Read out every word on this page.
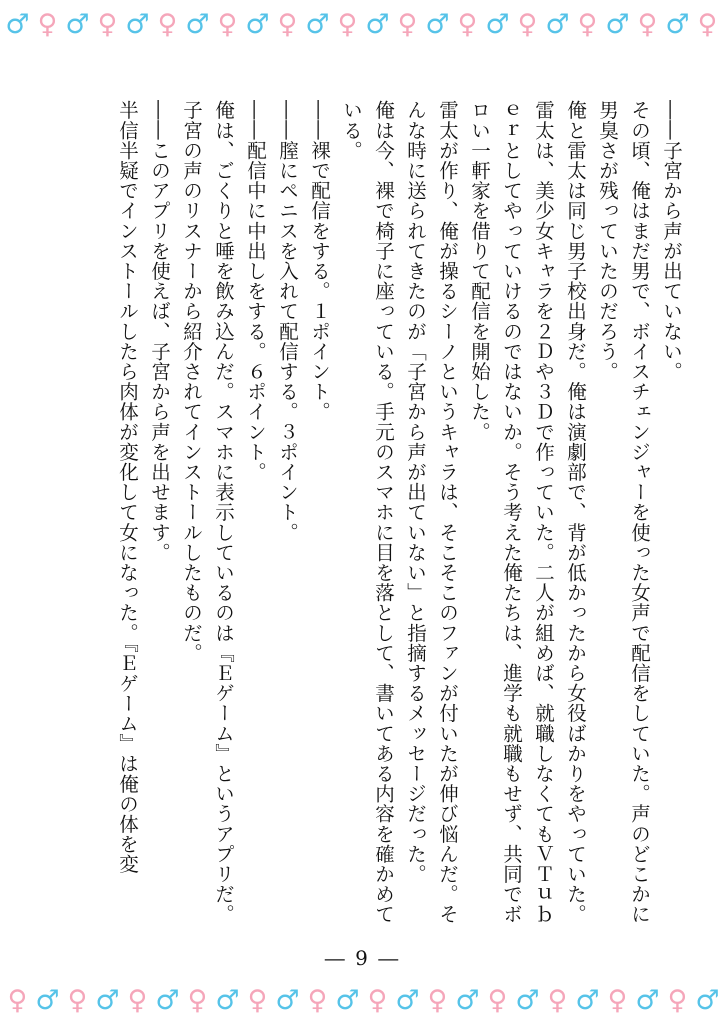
♂ ♀ ♂ ♀ ♂ ♀ ♂ ♀ ♂ ♀ ♂ ♀ ♂ ♀ ♂ ♀ ♂ ♀ ♂ ♀ ♂ ♀ ♂ ♀

――子宮から声が出ていない。

その頃、俺はまだ男で、ボイスチェンジャーを使った女声で配信をしていた。声のどこかに男臭さが残っていたのだろう。

俺と雷太は同じ男子校出身だ。俺は演劇部で、背が低かったから女役ばかりをやっていた。雷太は、美少女キャラを２Ｄや３Ｄで作っていた。二人が組めば、就職しなくてもＶＴｕｂｅｒとしてやっていけるのではないか。そう考えた俺たちは、進学も就職もせず、共同でボロい一軒家を借りて配信を開始した。

雷太が作り、俺が操るシーノというキャラは、そこそこのファンが付いたが伸び悩んだ。そんな時に送られてきたのが「子宮から声が出ていない」と指摘するメッセージだった。

俺は今、裸で椅子に座っている。手元のスマホに目を落として、書いてある内容を確かめている。

――裸で配信をする。１ポイント。

――膣にペニスを入れて配信する。３ポイント。

――配信中に中出しをする。６ポイント。

俺は、ごくりと唾を飲み込んだ。スマホに表示しているのは『Ｅゲーム』というアプリだ。子宮の声のリスナーから紹介されてインストールしたものだ。

――このアプリを使えば、子宮から声を出せます。

半信半疑でインストールしたら肉体が変化して女になった。『Ｅゲーム』は俺の体を変

― 9 ―
♀ ♂ ♀ ♂ ♀ ♂ ♀ ♂ ♀ ♂ ♀ ♂ ♀ ♂ ♀ ♂ ♀ ♂ ♀ ♂ ♀ ♂ ♀ ♂
